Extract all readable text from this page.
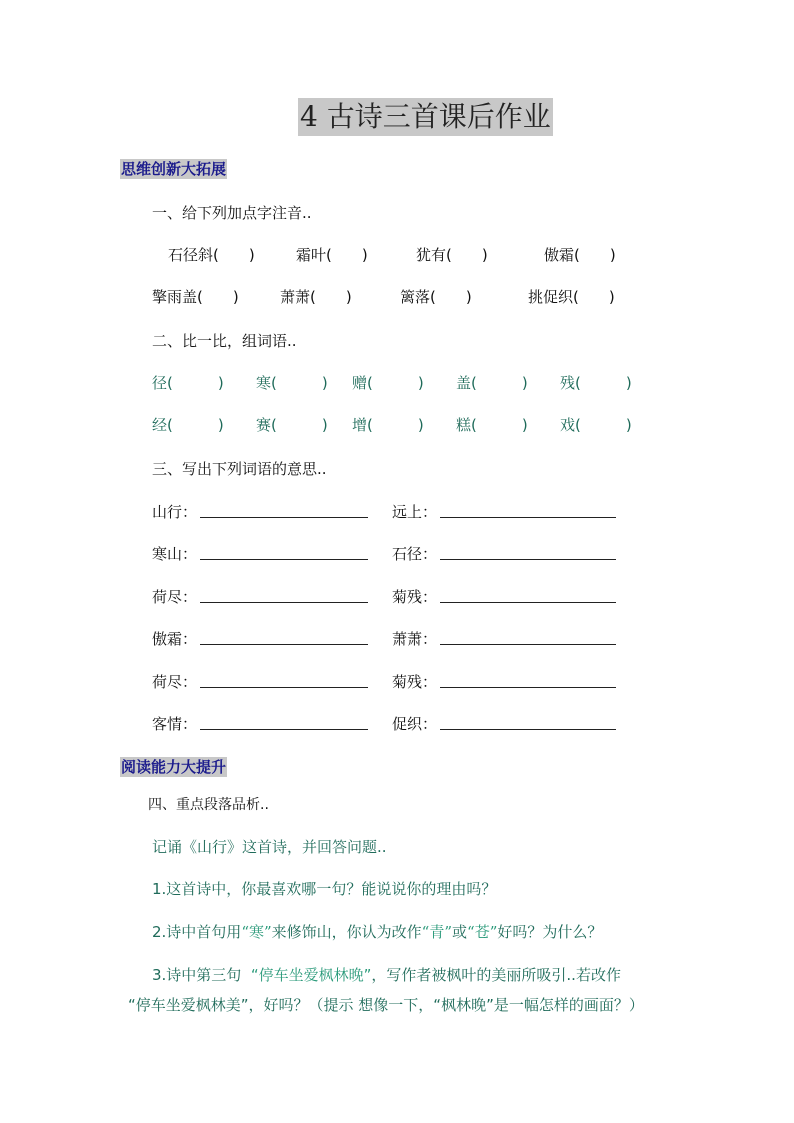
4 古诗三首课后作业
思维创新大拓展
一、给下列加点字注音..
石径斜(　　)	霜叶(　　)	犹有(　　)	傲霜(　　)
擎雨盖(　　)	萧萧(　　)	篱落(　　)	挑促织(　　)
二、比一比，组词语..
径(　　　) 寒(　　　) 赠(　　　) 盖(　　　) 残(　　　)
经(　　　) 赛(　　　) 增(　　　) 糕(　　　) 戏(　　　)
三、写出下列词语的意思..
山行：	远上：
寒山：	石径：
荷尽：	菊残：
傲霜：	萧萧：
荷尽：	菊残：
客情：	促织：
阅读能力大提升
四、重点段落品析..
记诵《山行》这首诗，并回答问题..
1.这首诗中，你最喜欢哪一句？能说说你的理由吗？
2.诗中首句用“寒”来修饰山，你认为改作“青”或“苍”好吗？为什么？
3.诗中第三句 “停车坐爱枫林晚”，写作者被枫叶的美丽所吸引..若改作
“停车坐爱枫林美”，好吗？（提示 想像一下，“枫林晚”是一幅怎样的画面？）
